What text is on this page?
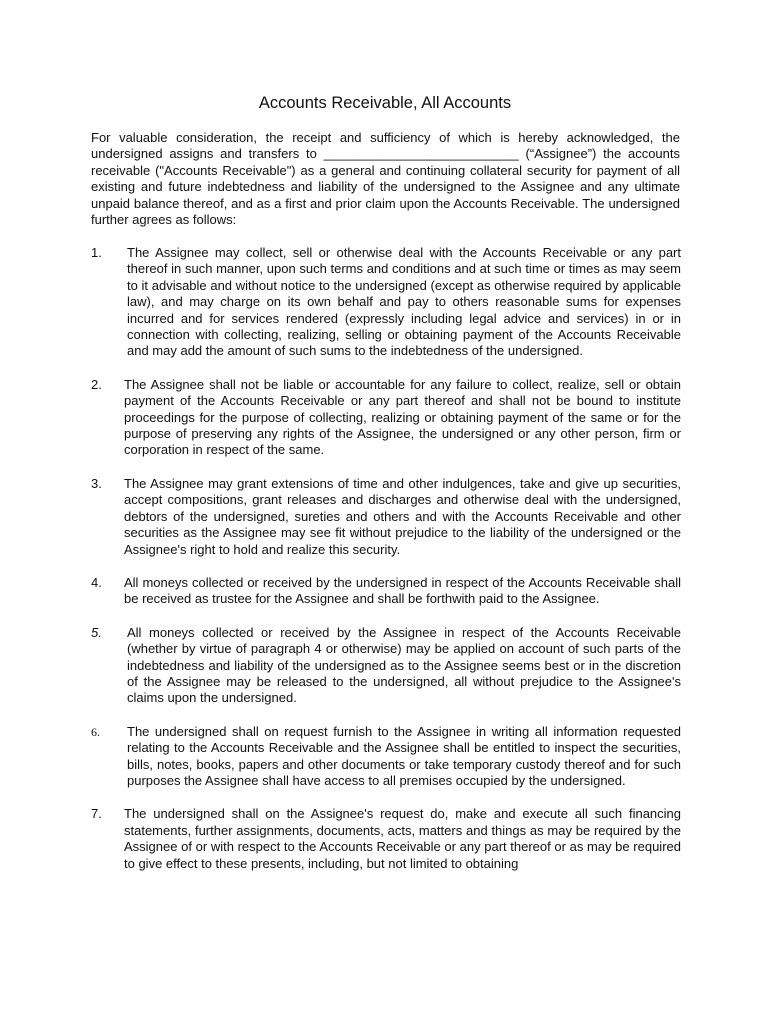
Accounts Receivable, All Accounts

For valuable consideration, the receipt and sufficiency of which is hereby acknowledged, the undersigned assigns and transfers to ___________________________ (“Assignee”) the accounts receivable ("Accounts Receivable") as a general and continuing collateral security for payment of all existing and future indebtedness and liability of the undersigned to the Assignee and any ultimate unpaid balance thereof, and as a first and prior claim upon the Accounts Receivable. The undersigned further agrees as follows:

1.	The Assignee may collect, sell or otherwise deal with the Accounts Receivable or any part thereof in such manner, upon such terms and conditions and at such time or times as may seem to it advisable and without notice to the undersigned (except as otherwise required by applicable law), and may charge on its own behalf and pay to others reasonable sums for expenses incurred and for services rendered (expressly including legal advice and services) in or in connection with collecting, realizing, selling or obtaining payment of the Accounts Receivable and may add the amount of such sums to the indebtedness of the undersigned.
2.	The Assignee shall not be liable or accountable for any failure to collect, realize, sell or obtain payment of the Accounts Receivable or any part thereof and shall not be bound to institute proceedings for the purpose of collecting, realizing or obtaining payment of the same or for the purpose of preserving any rights of the Assignee, the undersigned or any other person, firm or corporation in respect of the same.
3.	The Assignee may grant extensions of time and other indulgences, take and give up securities, accept compositions, grant releases and discharges and otherwise deal with the undersigned, debtors of the undersigned, sureties and others and with the Accounts Receivable and other securities as the Assignee may see fit without prejudice to the liability of the undersigned or the Assignee's right to hold and realize this security.
4.	All moneys collected or received by the undersigned in respect of the Accounts Receivable shall be received as trustee for the Assignee and shall be forthwith paid to the Assignee.
5.	All moneys collected or received by the Assignee in respect of the Accounts Receivable (whether by virtue of paragraph 4 or otherwise) may be applied on account of such parts of the indebtedness and liability of the undersigned as to the Assignee seems best or in the discretion of the Assignee may be released to the undersigned, all without prejudice to the Assignee's claims upon the undersigned.
6.	The undersigned shall on request furnish to the Assignee in writing all information requested relating to the Accounts Receivable and the Assignee shall be entitled to inspect the securities, bills, notes, books, papers and other documents or take temporary custody thereof and for such purposes the Assignee shall have access to all premises occupied by the undersigned.
7.	The undersigned shall on the Assignee's request do, make and execute all such financing statements, further assignments, documents, acts, matters and things as may be required by the Assignee of or with respect to the Accounts Receivable or any part thereof or as may be required to give effect to these presents, including, but not limited to obtaining
